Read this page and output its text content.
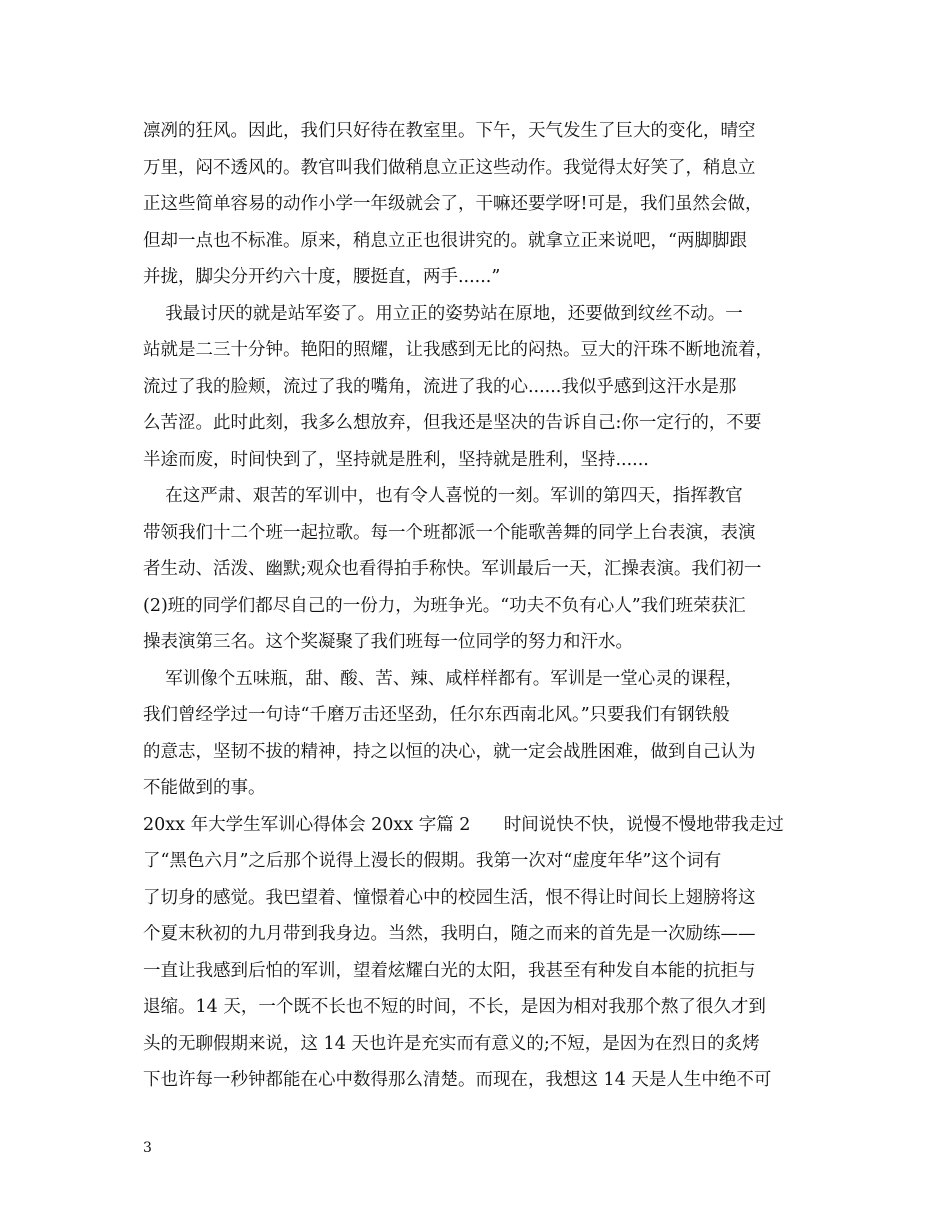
凛冽的狂风。因此，我们只好待在教室里。下午，天气发生了巨大的变化，晴空
万里，闷不透风的。教官叫我们做稍息立正这些动作。我觉得太好笑了，稍息立
正这些简单容易的动作小学一年级就会了，干嘛还要学呀!可是，我们虽然会做，
但却一点也不标准。原来，稍息立正也很讲究的。就拿立正来说吧，“两脚脚跟
并拢，脚尖分开约六十度，腰挺直，两手......”
我最讨厌的就是站军姿了。用立正的姿势站在原地，还要做到纹丝不动。一
站就是二三十分钟。艳阳的照耀，让我感到无比的闷热。豆大的汗珠不断地流着，
流过了我的脸颊，流过了我的嘴角，流进了我的心......我似乎感到这汗水是那
么苦涩。此时此刻，我多么想放弃，但我还是坚决的告诉自己:你一定行的，不要
半途而废，时间快到了，坚持就是胜利，坚持就是胜利，坚持......
在这严肃、艰苦的军训中，也有令人喜悦的一刻。军训的第四天，指挥教官
带领我们十二个班一起拉歌。每一个班都派一个能歌善舞的同学上台表演，表演
者生动、活泼、幽默;观众也看得拍手称快。军训最后一天，汇操表演。我们初一
(2)班的同学们都尽自己的一份力，为班争光。“功夫不负有心人”我们班荣获汇
操表演第三名。这个奖凝聚了我们班每一位同学的努力和汗水。
军训像个五味瓶，甜、酸、苦、辣、咸样样都有。军训是一堂心灵的课程，
我们曾经学过一句诗“千磨万击还坚劲，任尔东西南北风。”只要我们有钢铁般
的意志，坚韧不拔的精神，持之以恒的决心，就一定会战胜困难，做到自己认为
不能做到的事。
20xx 年大学生军训心得体会 20xx 字篇 2      时间说快不快，说慢不慢地带我走过
了“黑色六月”之后那个说得上漫长的假期。我第一次对“虚度年华”这个词有
了切身的感觉。我巴望着、憧憬着心中的校园生活，恨不得让时间长上翅膀将这
个夏末秋初的九月带到我身边。当然，我明白，随之而来的首先是一次励练——
一直让我感到后怕的军训，望着炫耀白光的太阳，我甚至有种发自本能的抗拒与
退缩。14 天，一个既不长也不短的时间，不长，是因为相对我那个熬了很久才到
头的无聊假期来说，这 14 天也许是充实而有意义的;不短，是因为在烈日的炙烤
下也许每一秒钟都能在心中数得那么清楚。而现在，我想这 14 天是人生中绝不可
3
